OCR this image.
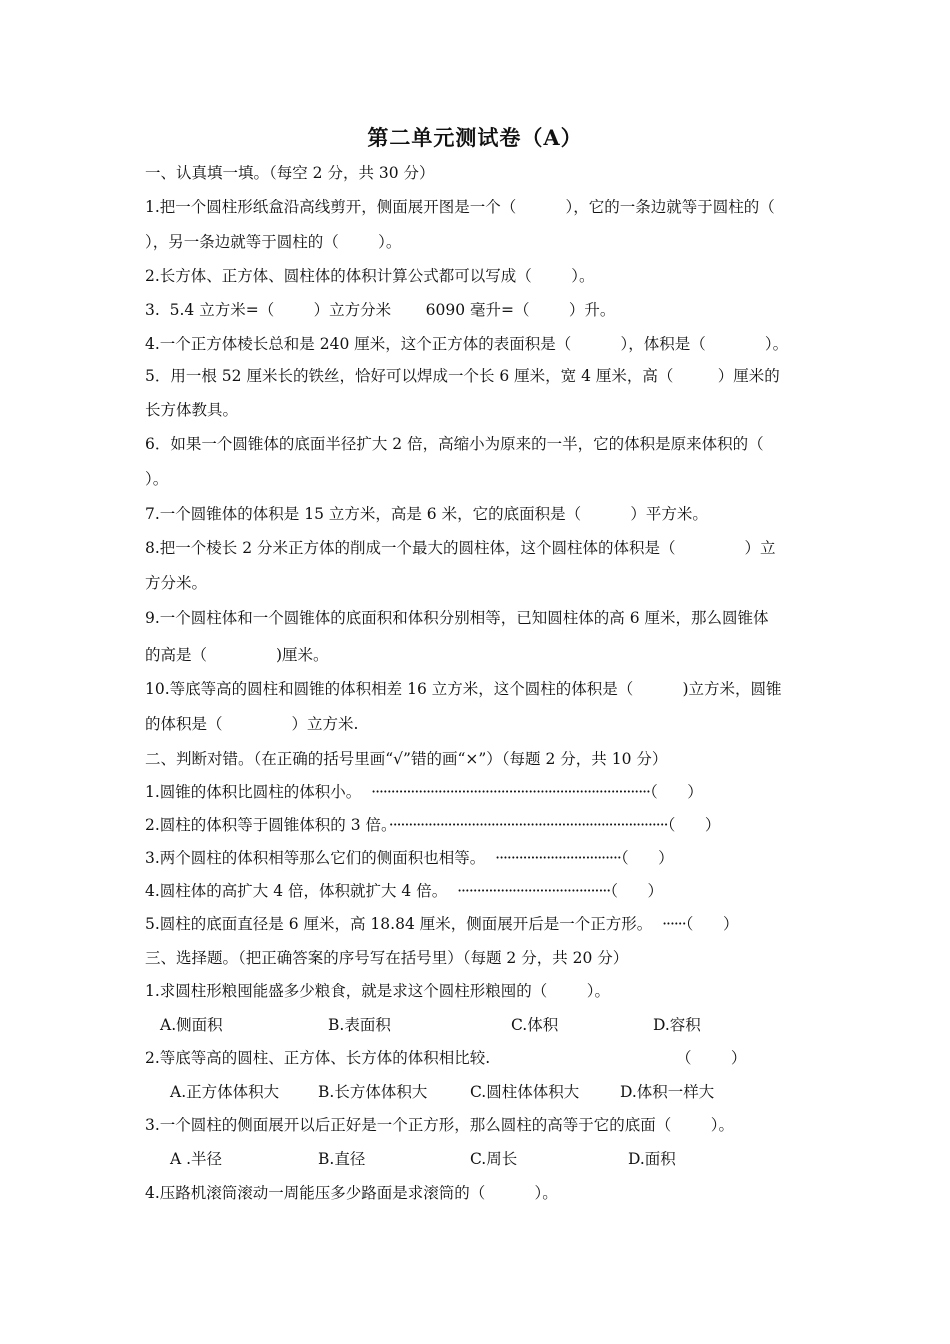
第二单元测试卷（A）
一、认真填一填。（每空 2 分，共 30 分）
1.把一个圆柱形纸盒沿高线剪开，侧面展开图是一个（          ），它的一条边就等于圆柱的（
），另一条边就等于圆柱的（        ）。
2.长方体、正方体、圆柱体的体积计算公式都可以写成（        ）。
3.  5.4 立方米=（        ）立方分米       6090 毫升=（        ）升。
4.一个正方体棱长总和是 240 厘米，这个正方体的表面积是（          ），体积是（            ）。
5．用一根 52 厘米长的铁丝，恰好可以焊成一个长 6 厘米，宽 4 厘米，高（         ）厘米的
长方体教具。
6．如果一个圆锥体的底面半径扩大 2 倍，高缩小为原来的一半，它的体积是原来体积的（
）。
7.一个圆锥体的体积是 15 立方米，高是 6 米，它的底面积是（          ）平方米。
8.把一个棱长 2 分米正方体的削成一个最大的圆柱体，这个圆柱体的体积是（              ）立
方分米。
9.一个圆柱体和一个圆锥体的底面积和体积分别相等，已知圆柱体的高 6 厘米，那么圆锥体
的高是（              )厘米。
10.等底等高的圆柱和圆锥的体积相差 16 立方米，这个圆柱的体积是（          )立方米，圆锥
的体积是（              ）立方米.
二、判断对错。（在正确的括号里画“√”错的画“×”）（每题 2 分，共 10 分）
1.圆锥的体积比圆柱的体积小。  ·······································································（      ）
2.圆柱的体积等于圆锥体积的 3 倍。·······································································（      ）
3.两个圆柱的体积相等那么它们的侧面积也相等。  ································（      ）
4.圆柱体的高扩大 4 倍，体积就扩大 4 倍。  ·······································（      ）
5.圆柱的底面直径是 6 厘米，高 18.84 厘米，侧面展开后是一个正方形。  ······（      ）
三、选择题。（把正确答案的序号写在括号里）（每题 2 分，共 20 分）
1.求圆柱形粮囤能盛多少粮食，就是求这个圆柱形粮囤的（        ）。
A.侧面积	B.表面积	C.体积	D.容积
2.等底等高的圆柱、正方体、长方体的体积相比较.	（        ）
A.正方体体积大	B.长方体体积大	C.圆柱体体积大	D.体积一样大
3.一个圆柱的侧面展开以后正好是一个正方形，那么圆柱的高等于它的底面（        ）。
A .半径	B.直径	C.周长	D.面积
4.压路机滚筒滚动一周能压多少路面是求滚筒的（          ）。
